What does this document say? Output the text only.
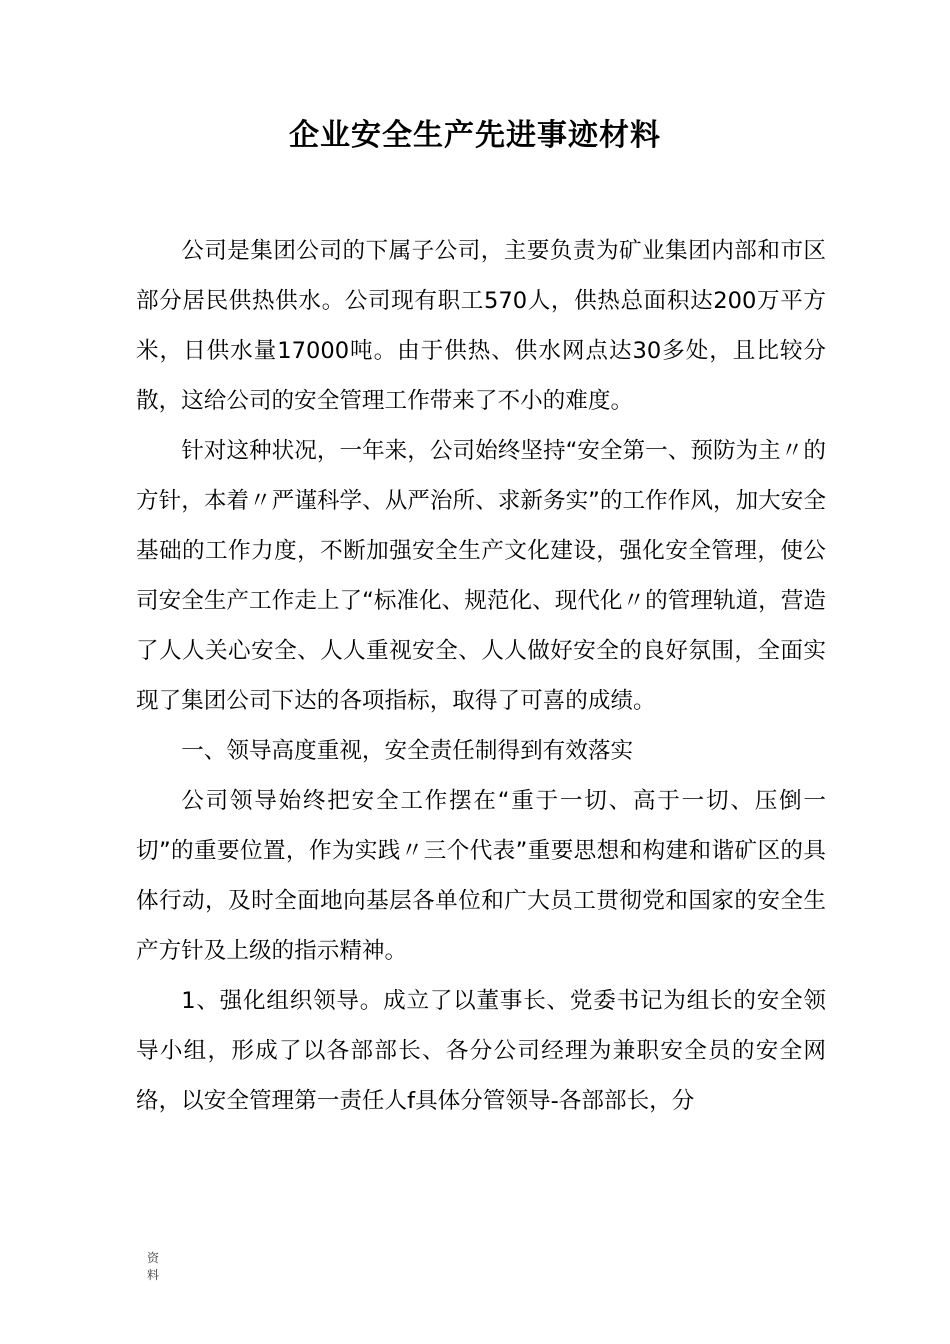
企业安全生产先进事迹材料

公司是集团公司的下属子公司，主要负责为矿业集团内部和市区部分居民供热供水。公司现有职工570人，供热总面积达200万平方米，日供水量17000吨。由于供热、供水网点达30多处，且比较分散，这给公司的安全管理工作带来了不小的难度。

针对这种状况，一年来，公司始终坚持“安全第一、预防为主〃的方针，本着〃严谨科学、从严治所、求新务实”的工作作风，加大安全基础的工作力度，不断加强安全生产文化建设，强化安全管理，使公司安全生产工作走上了“标准化、规范化、现代化〃的管理轨道，营造了人人关心安全、人人重视安全、人人做好安全的良好氛围，全面实现了集团公司下达的各项指标，取得了可喜的成绩。

一、领导高度重视，安全责任制得到有效落实

公司领导始终把安全工作摆在“重于一切、高于一切、压倒一切”的重要位置，作为实践〃三个代表”重要思想和构建和谐矿区的具体行动，及时全面地向基层各单位和广大员工贯彻党和国家的安全生产方针及上级的指示精神。

1、强化组织领导。成立了以董事长、党委书记为组长的安全领导小组，形成了以各部部长、各分公司经理为兼职安全员的安全网络，以安全管理第一责任人f具体分管领导-各部部长，分

资料
